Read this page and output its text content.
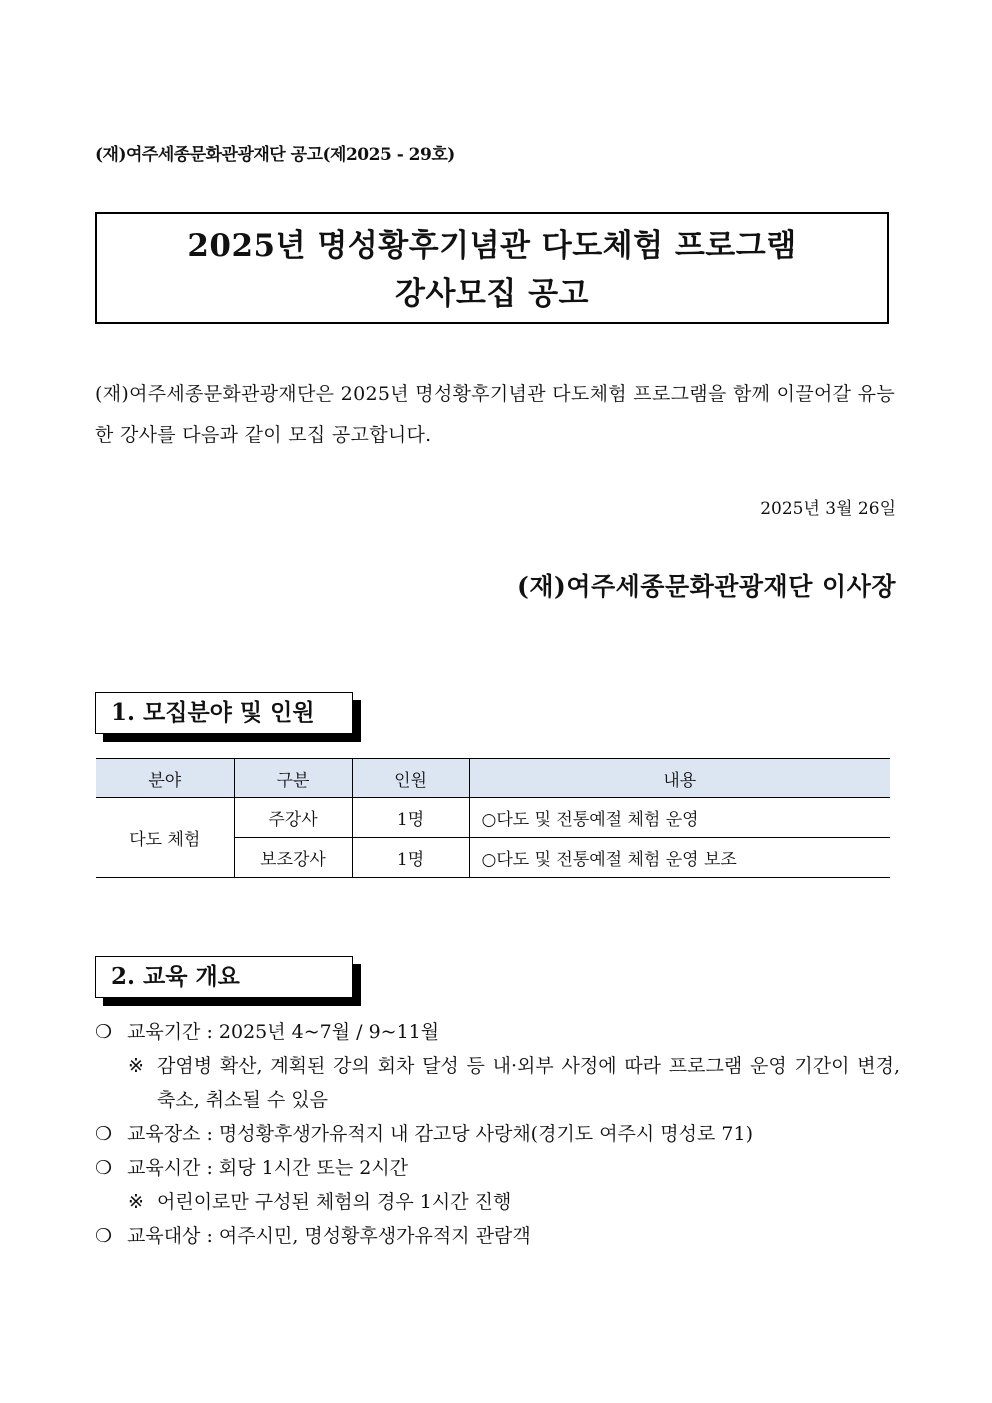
(재)여주세종문화관광재단 공고(제2025 - 29호)
2025년 명성황후기념관 다도체험 프로그램
강사모집 공고
(재)여주세종문화관광재단은 2025년 명성황후기념관 다도체험 프로그램을 함께 이끌어갈 유능한 강사를 다음과 같이 모집 공고합니다.
2025년 3월 26일
(재)여주세종문화관광재단 이사장
1. 모집분야 및 인원
분야	구분	인원	내용
다도 체험	주강사	1명	○다도 및 전통예절 체험 운영
	보조강사	1명	○다도 및 전통예절 체험 운영 보조
2. 교육 개요
❍ 교육기간 : 2025년 4~7월 / 9~11월
※ 감염병 확산, 계획된 강의 회차 달성 등 내·외부 사정에 따라 프로그램 운영 기간이 변경, 축소, 취소될 수 있음
❍ 교육장소 : 명성황후생가유적지 내 감고당 사랑채(경기도 여주시 명성로 71)
❍ 교육시간 : 회당 1시간 또는 2시간
※ 어린이로만 구성된 체험의 경우 1시간 진행
❍ 교육대상 : 여주시민, 명성황후생가유적지 관람객
